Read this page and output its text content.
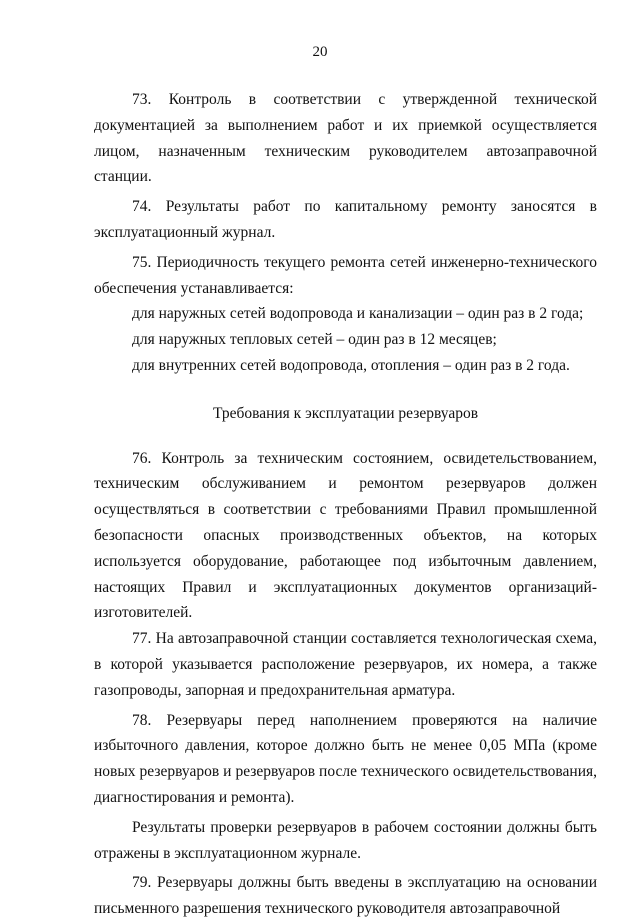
20

73. Контроль в соответствии с утвержденной технической документацией за выполнением работ и их приемкой осуществляется лицом, назначенным техническим руководителем автозаправочной станции.

74. Результаты работ по капитальному ремонту заносятся в эксплуатационный журнал.

75. Периодичность текущего ремонта сетей инженерно-технического обеспечения устанавливается:

для наружных сетей водопровода и канализации – один раз в 2 года;

для наружных тепловых сетей – один раз в 12 месяцев;

для внутренних сетей водопровода, отопления – один раз в 2 года.

Требования к эксплуатации резервуаров

76. Контроль за техническим состоянием, освидетельствованием, техническим обслуживанием и ремонтом резервуаров должен осуществляться в соответствии с требованиями Правил промышленной безопасности опасных производственных объектов, на которых используется оборудование, работающее под избыточным давлением, настоящих Правил и эксплуатационных документов организаций-изготовителей.

77. На автозаправочной станции составляется технологическая схема, в которой указывается расположение резервуаров, их номера, а также газопроводы, запорная и предохранительная арматура.

78. Резервуары перед наполнением проверяются на наличие избыточного давления, которое должно быть не менее 0,05 МПа (кроме новых резервуаров и резервуаров после технического освидетельствования, диагностирования и ремонта).

Результаты проверки резервуаров в рабочем состоянии должны быть отражены в эксплуатационном журнале.

79. Резервуары должны быть введены в эксплуатацию на основании письменного разрешения технического руководителя автозаправочной
